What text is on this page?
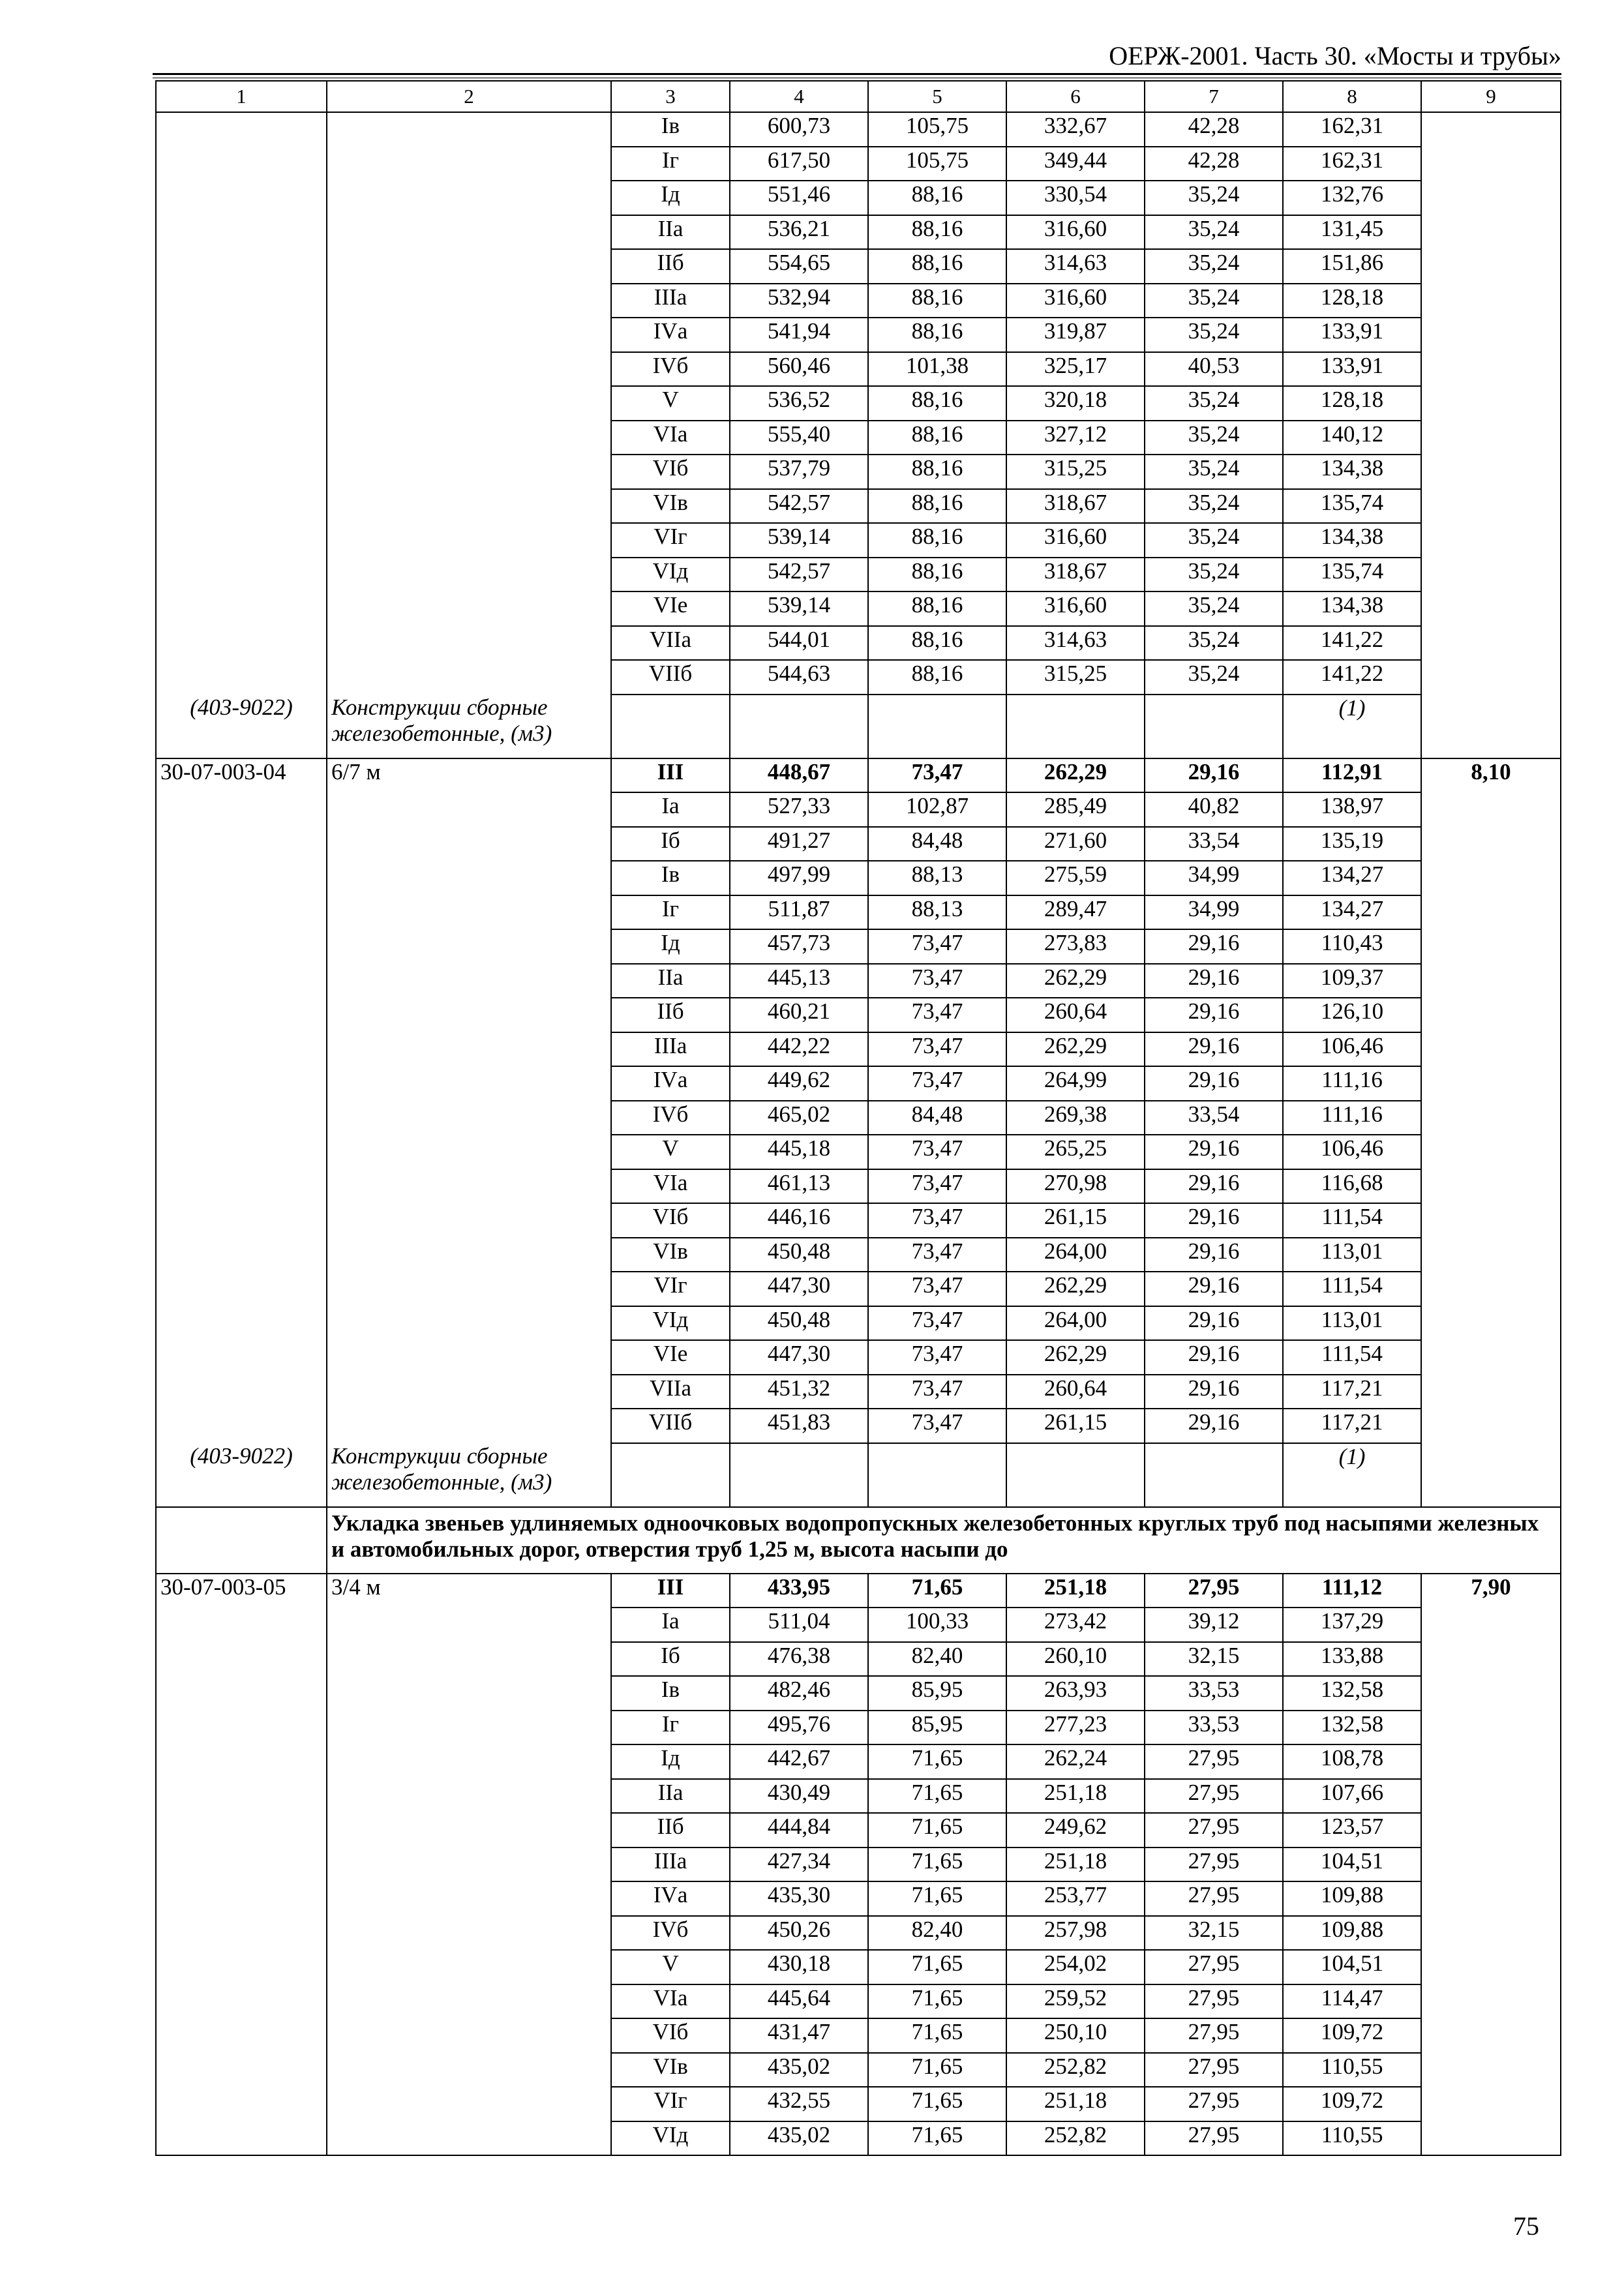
ОЕРЖ-2001. Часть 30. «Мосты и трубы»
1	2	3	4	5	6	7	8	9
		Iв	600,73	105,75	332,67	42,28	162,31	
		Iг	617,50	105,75	349,44	42,28	162,31	
		Iд	551,46	88,16	330,54	35,24	132,76	
		IIа	536,21	88,16	316,60	35,24	131,45	
		IIб	554,65	88,16	314,63	35,24	151,86	
		IIIа	532,94	88,16	316,60	35,24	128,18	
		IVа	541,94	88,16	319,87	35,24	133,91	
		IVб	560,46	101,38	325,17	40,53	133,91	
		V	536,52	88,16	320,18	35,24	128,18	
		VIа	555,40	88,16	327,12	35,24	140,12	
		VIб	537,79	88,16	315,25	35,24	134,38	
		VIв	542,57	88,16	318,67	35,24	135,74	
		VIг	539,14	88,16	316,60	35,24	134,38	
		VIд	542,57	88,16	318,67	35,24	135,74	
		VIе	539,14	88,16	316,60	35,24	134,38	
		VIIа	544,01	88,16	314,63	35,24	141,22	
		VIIб	544,63	88,16	315,25	35,24	141,22	
(403-9022)	Конструкции сборные железобетонные, (м3)						(1)	
30-07-003-04	6/7 м	III	448,67	73,47	262,29	29,16	112,91	8,10
		Iа	527,33	102,87	285,49	40,82	138,97	
		Iб	491,27	84,48	271,60	33,54	135,19	
		Iв	497,99	88,13	275,59	34,99	134,27	
		Iг	511,87	88,13	289,47	34,99	134,27	
		Iд	457,73	73,47	273,83	29,16	110,43	
		IIа	445,13	73,47	262,29	29,16	109,37	
		IIб	460,21	73,47	260,64	29,16	126,10	
		IIIа	442,22	73,47	262,29	29,16	106,46	
		IVа	449,62	73,47	264,99	29,16	111,16	
		IVб	465,02	84,48	269,38	33,54	111,16	
		V	445,18	73,47	265,25	29,16	106,46	
		VIа	461,13	73,47	270,98	29,16	116,68	
		VIб	446,16	73,47	261,15	29,16	111,54	
		VIв	450,48	73,47	264,00	29,16	113,01	
		VIг	447,30	73,47	262,29	29,16	111,54	
		VIд	450,48	73,47	264,00	29,16	113,01	
		VIе	447,30	73,47	262,29	29,16	111,54	
		VIIа	451,32	73,47	260,64	29,16	117,21	
		VIIб	451,83	73,47	261,15	29,16	117,21	
(403-9022)	Конструкции сборные железобетонные, (м3)						(1)	
	Укладка звеньев удлиняемых одноочковых водопропускных железобетонных круглых труб под насыпями железных и автомобильных дорог, отверстия труб 1,25 м, высота насыпи до							
30-07-003-05	3/4 м	III	433,95	71,65	251,18	27,95	111,12	7,90
		Iа	511,04	100,33	273,42	39,12	137,29	
		Iб	476,38	82,40	260,10	32,15	133,88	
		Iв	482,46	85,95	263,93	33,53	132,58	
		Iг	495,76	85,95	277,23	33,53	132,58	
		Iд	442,67	71,65	262,24	27,95	108,78	
		IIа	430,49	71,65	251,18	27,95	107,66	
		IIб	444,84	71,65	249,62	27,95	123,57	
		IIIа	427,34	71,65	251,18	27,95	104,51	
		IVа	435,30	71,65	253,77	27,95	109,88	
		IVб	450,26	82,40	257,98	32,15	109,88	
		V	430,18	71,65	254,02	27,95	104,51	
		VIа	445,64	71,65	259,52	27,95	114,47	
		VIб	431,47	71,65	250,10	27,95	109,72	
		VIв	435,02	71,65	252,82	27,95	110,55	
		VIг	432,55	71,65	251,18	27,95	109,72	
		VIд	435,02	71,65	252,82	27,95	110,55	
75
